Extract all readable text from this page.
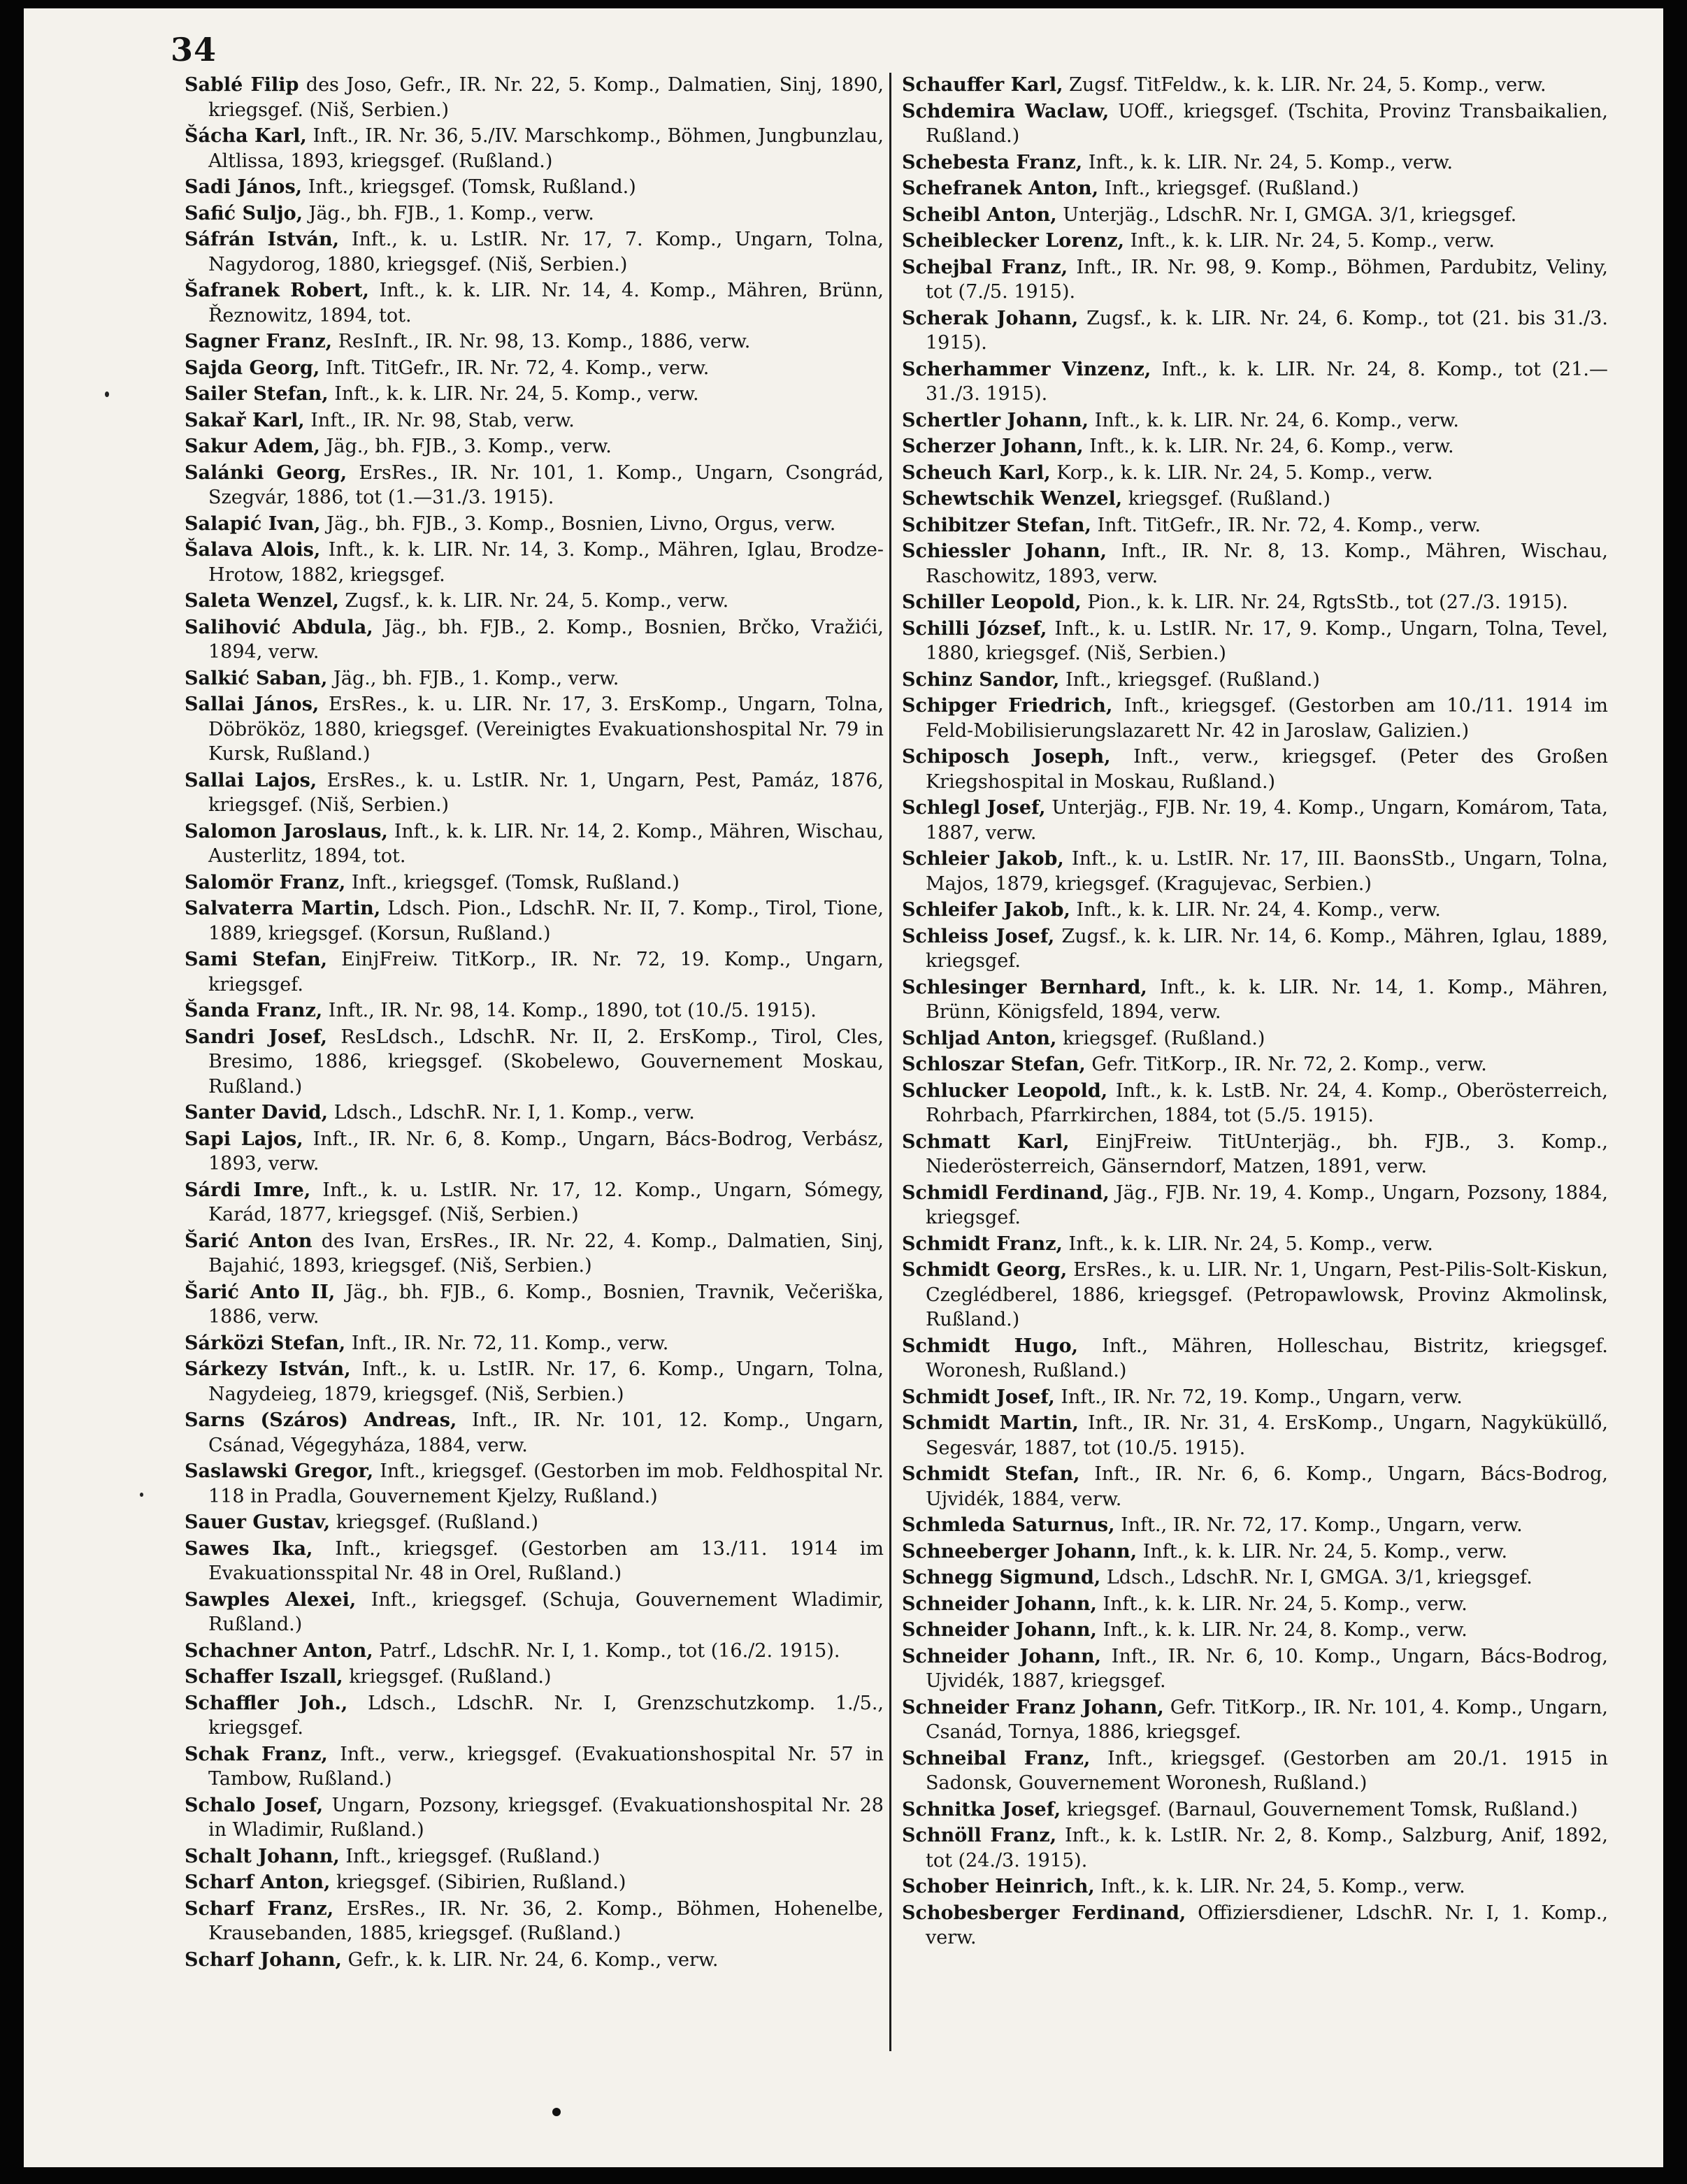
34
Sablé Filip des Joso, Gefr., IR. Nr. 22, 5. Komp., Dalmatien, Sinj, 1890, kriegsgef. (Niš, Serbien.)
Šácha Karl, Inft., IR. Nr. 36, 5./IV. Marschkomp., Böhmen, Jungbunzlau, Altlissa, 1893, kriegsgef. (Rußland.)
Sadi János, Inft., kriegsgef. (Tomsk, Rußland.)
Safić Suljo, Jäg., bh. FJB., 1. Komp., verw.
Sáfrán István, Inft., k. u. LstIR. Nr. 17, 7. Komp., Ungarn, Tolna, Nagydorog, 1880, kriegsgef. (Niš, Serbien.)
Šafranek Robert, Inft., k. k. LIR. Nr. 14, 4. Komp., Mähren, Brünn, Řeznowitz, 1894, tot.
Sagner Franz, ResInft., IR. Nr. 98, 13. Komp., 1886, verw.
Sajda Georg, Inft. TitGefr., IR. Nr. 72, 4. Komp., verw.
Sailer Stefan, Inft., k. k. LIR. Nr. 24, 5. Komp., verw.
Sakař Karl, Inft., IR. Nr. 98, Stab, verw.
Sakur Adem, Jäg., bh. FJB., 3. Komp., verw.
Salánki Georg, ErsRes., IR. Nr. 101, 1. Komp., Ungarn, Csongrád, Szegvár, 1886, tot (1.—31./3. 1915).
Salapić Ivan, Jäg., bh. FJB., 3. Komp., Bosnien, Livno, Orgus, verw.
Šalava Alois, Inft., k. k. LIR. Nr. 14, 3. Komp., Mähren, Iglau, Brodze-Hrotow, 1882, kriegsgef.
Saleta Wenzel, Zugsf., k. k. LIR. Nr. 24, 5. Komp., verw.
Salihović Abdula, Jäg., bh. FJB., 2. Komp., Bosnien, Brčko, Vražići, 1894, verw.
Salkić Saban, Jäg., bh. FJB., 1. Komp., verw.
Sallai János, ErsRes., k. u. LIR. Nr. 17, 3. ErsKomp., Ungarn, Tolna, Döbrököz, 1880, kriegsgef. (Vereinigtes Evakuationshospital Nr. 79 in Kursk, Rußland.)
Sallai Lajos, ErsRes., k. u. LstIR. Nr. 1, Ungarn, Pest, Pamáz, 1876, kriegsgef. (Niš, Serbien.)
Salomon Jaroslaus, Inft., k. k. LIR. Nr. 14, 2. Komp., Mähren, Wischau, Austerlitz, 1894, tot.
Salomör Franz, Inft., kriegsgef. (Tomsk, Rußland.)
Salvaterra Martin, Ldsch. Pion., LdschR. Nr. II, 7. Komp., Tirol, Tione, 1889, kriegsgef. (Korsun, Rußland.)
Sami Stefan, EinjFreiw. TitKorp., IR. Nr. 72, 19. Komp., Ungarn, kriegsgef.
Šanda Franz, Inft., IR. Nr. 98, 14. Komp., 1890, tot (10./5. 1915).
Sandri Josef, ResLdsch., LdschR. Nr. II, 2. ErsKomp., Tirol, Cles, Bresimo, 1886, kriegsgef. (Skobelewo, Gouvernement Moskau, Rußland.)
Santer David, Ldsch., LdschR. Nr. I, 1. Komp., verw.
Sapi Lajos, Inft., IR. Nr. 6, 8. Komp., Ungarn, Bács-Bodrog, Verbász, 1893, verw.
Sárdi Imre, Inft., k. u. LstIR. Nr. 17, 12. Komp., Ungarn, Sómegy, Karád, 1877, kriegsgef. (Niš, Serbien.)
Šarić Anton des Ivan, ErsRes., IR. Nr. 22, 4. Komp., Dalmatien, Sinj, Bajahić, 1893, kriegsgef. (Niš, Serbien.)
Šarić Anto II, Jäg., bh. FJB., 6. Komp., Bosnien, Travnik, Večeriška, 1886, verw.
Sárközi Stefan, Inft., IR. Nr. 72, 11. Komp., verw.
Sárkezy István, Inft., k. u. LstIR. Nr. 17, 6. Komp., Ungarn, Tolna, Nagydeieg, 1879, kriegsgef. (Niš, Serbien.)
Sarns (Száros) Andreas, Inft., IR. Nr. 101, 12. Komp., Ungarn, Csánad, Végegyháza, 1884, verw.
Saslawski Gregor, Inft., kriegsgef. (Gestorben im mob. Feldhospital Nr. 118 in Pradla, Gouvernement Kjelzy, Rußland.)
Sauer Gustav, kriegsgef. (Rußland.)
Sawes Ika, Inft., kriegsgef. (Gestorben am 13./11. 1914 im Evakuationsspital Nr. 48 in Orel, Rußland.)
Sawples Alexei, Inft., kriegsgef. (Schuja, Gouvernement Wladimir, Rußland.)
Schachner Anton, Patrf., LdschR. Nr. I, 1. Komp., tot (16./2. 1915).
Schaffer Iszall, kriegsgef. (Rußland.)
Schaffler Joh., Ldsch., LdschR. Nr. I, Grenzschutzkomp. 1./5., kriegsgef.
Schak Franz, Inft., verw., kriegsgef. (Evakuationshospital Nr. 57 in Tambow, Rußland.)
Schalo Josef, Ungarn, Pozsony, kriegsgef. (Evakuationshospital Nr. 28 in Wladimir, Rußland.)
Schalt Johann, Inft., kriegsgef. (Rußland.)
Scharf Anton, kriegsgef. (Sibirien, Rußland.)
Scharf Franz, ErsRes., IR. Nr. 36, 2. Komp., Böhmen, Hohenelbe, Krausebanden, 1885, kriegsgef. (Rußland.)
Scharf Johann, Gefr., k. k. LIR. Nr. 24, 6. Komp., verw.
Schauffer Karl, Zugsf. TitFeldw., k. k. LIR. Nr. 24, 5. Komp., verw.
Schdemira Waclaw, UOff., kriegsgef. (Tschita, Provinz Transbaikalien, Rußland.)
Schebesta Franz, Inft., k. k. LIR. Nr. 24, 5. Komp., verw.
Schefranek Anton, Inft., kriegsgef. (Rußland.)
Scheibl Anton, Unterjäg., LdschR. Nr. I, GMGA. 3/1, kriegsgef.
Scheiblecker Lorenz, Inft., k. k. LIR. Nr. 24, 5. Komp., verw.
Schejbal Franz, Inft., IR. Nr. 98, 9. Komp., Böhmen, Pardubitz, Veliny, tot (7./5. 1915).
Scherak Johann, Zugsf., k. k. LIR. Nr. 24, 6. Komp., tot (21. bis 31./3. 1915).
Scherhammer Vinzenz, Inft., k. k. LIR. Nr. 24, 8. Komp., tot (21.—31./3. 1915).
Schertler Johann, Inft., k. k. LIR. Nr. 24, 6. Komp., verw.
Scherzer Johann, Inft., k. k. LIR. Nr. 24, 6. Komp., verw.
Scheuch Karl, Korp., k. k. LIR. Nr. 24, 5. Komp., verw.
Schewtschik Wenzel, kriegsgef. (Rußland.)
Schibitzer Stefan, Inft. TitGefr., IR. Nr. 72, 4. Komp., verw.
Schiessler Johann, Inft., IR. Nr. 8, 13. Komp., Mähren, Wischau, Raschowitz, 1893, verw.
Schiller Leopold, Pion., k. k. LIR. Nr. 24, RgtsStb., tot (27./3. 1915).
Schilli József, Inft., k. u. LstIR. Nr. 17, 9. Komp., Ungarn, Tolna, Tevel, 1880, kriegsgef. (Niš, Serbien.)
Schinz Sandor, Inft., kriegsgef. (Rußland.)
Schipger Friedrich, Inft., kriegsgef. (Gestorben am 10./11. 1914 im Feld-Mobilisierungslazarett Nr. 42 in Jaroslaw, Galizien.)
Schiposch Joseph, Inft., verw., kriegsgef. (Peter des Großen Kriegshospital in Moskau, Rußland.)
Schlegl Josef, Unterjäg., FJB. Nr. 19, 4. Komp., Ungarn, Komárom, Tata, 1887, verw.
Schleier Jakob, Inft., k. u. LstIR. Nr. 17, III. BaonsStb., Ungarn, Tolna, Majos, 1879, kriegsgef. (Kragujevac, Serbien.)
Schleifer Jakob, Inft., k. k. LIR. Nr. 24, 4. Komp., verw.
Schleiss Josef, Zugsf., k. k. LIR. Nr. 14, 6. Komp., Mähren, Iglau, 1889, kriegsgef.
Schlesinger Bernhard, Inft., k. k. LIR. Nr. 14, 1. Komp., Mähren, Brünn, Königsfeld, 1894, verw.
Schljad Anton, kriegsgef. (Rußland.)
Schloszar Stefan, Gefr. TitKorp., IR. Nr. 72, 2. Komp., verw.
Schlucker Leopold, Inft., k. k. LstB. Nr. 24, 4. Komp., Oberösterreich, Rohrbach, Pfarrkirchen, 1884, tot (5./5. 1915).
Schmatt Karl, EinjFreiw. TitUnterjäg., bh. FJB., 3. Komp., Niederösterreich, Gänserndorf, Matzen, 1891, verw.
Schmidl Ferdinand, Jäg., FJB. Nr. 19, 4. Komp., Ungarn, Pozsony, 1884, kriegsgef.
Schmidt Franz, Inft., k. k. LIR. Nr. 24, 5. Komp., verw.
Schmidt Georg, ErsRes., k. u. LIR. Nr. 1, Ungarn, Pest-Pilis-Solt-Kiskun, Czeglédberel, 1886, kriegsgef. (Petropawlowsk, Provinz Akmolinsk, Rußland.)
Schmidt Hugo, Inft., Mähren, Holleschau, Bistritz, kriegsgef. Woronesh, Rußland.)
Schmidt Josef, Inft., IR. Nr. 72, 19. Komp., Ungarn, verw.
Schmidt Martin, Inft., IR. Nr. 31, 4. ErsKomp., Ungarn, Nagyküküllő, Segesvár, 1887, tot (10./5. 1915).
Schmidt Stefan, Inft., IR. Nr. 6, 6. Komp., Ungarn, Bács-Bodrog, Ujvidék, 1884, verw.
Schmleda Saturnus, Inft., IR. Nr. 72, 17. Komp., Ungarn, verw.
Schneeberger Johann, Inft., k. k. LIR. Nr. 24, 5. Komp., verw.
Schnegg Sigmund, Ldsch., LdschR. Nr. I, GMGA. 3/1, kriegsgef.
Schneider Johann, Inft., k. k. LIR. Nr. 24, 5. Komp., verw.
Schneider Johann, Inft., k. k. LIR. Nr. 24, 8. Komp., verw.
Schneider Johann, Inft., IR. Nr. 6, 10. Komp., Ungarn, Bács-Bodrog, Ujvidék, 1887, kriegsgef.
Schneider Franz Johann, Gefr. TitKorp., IR. Nr. 101, 4. Komp., Ungarn, Csanád, Tornya, 1886, kriegsgef.
Schneibal Franz, Inft., kriegsgef. (Gestorben am 20./1. 1915 in Sadonsk, Gouvernement Woronesh, Rußland.)
Schnitka Josef, kriegsgef. (Barnaul, Gouvernement Tomsk, Rußland.)
Schnöll Franz, Inft., k. k. LstIR. Nr. 2, 8. Komp., Salzburg, Anif, 1892, tot (24./3. 1915).
Schober Heinrich, Inft., k. k. LIR. Nr. 24, 5. Komp., verw.
Schobesberger Ferdinand, Offiziersdiener, LdschR. Nr. I, 1. Komp., verw.
